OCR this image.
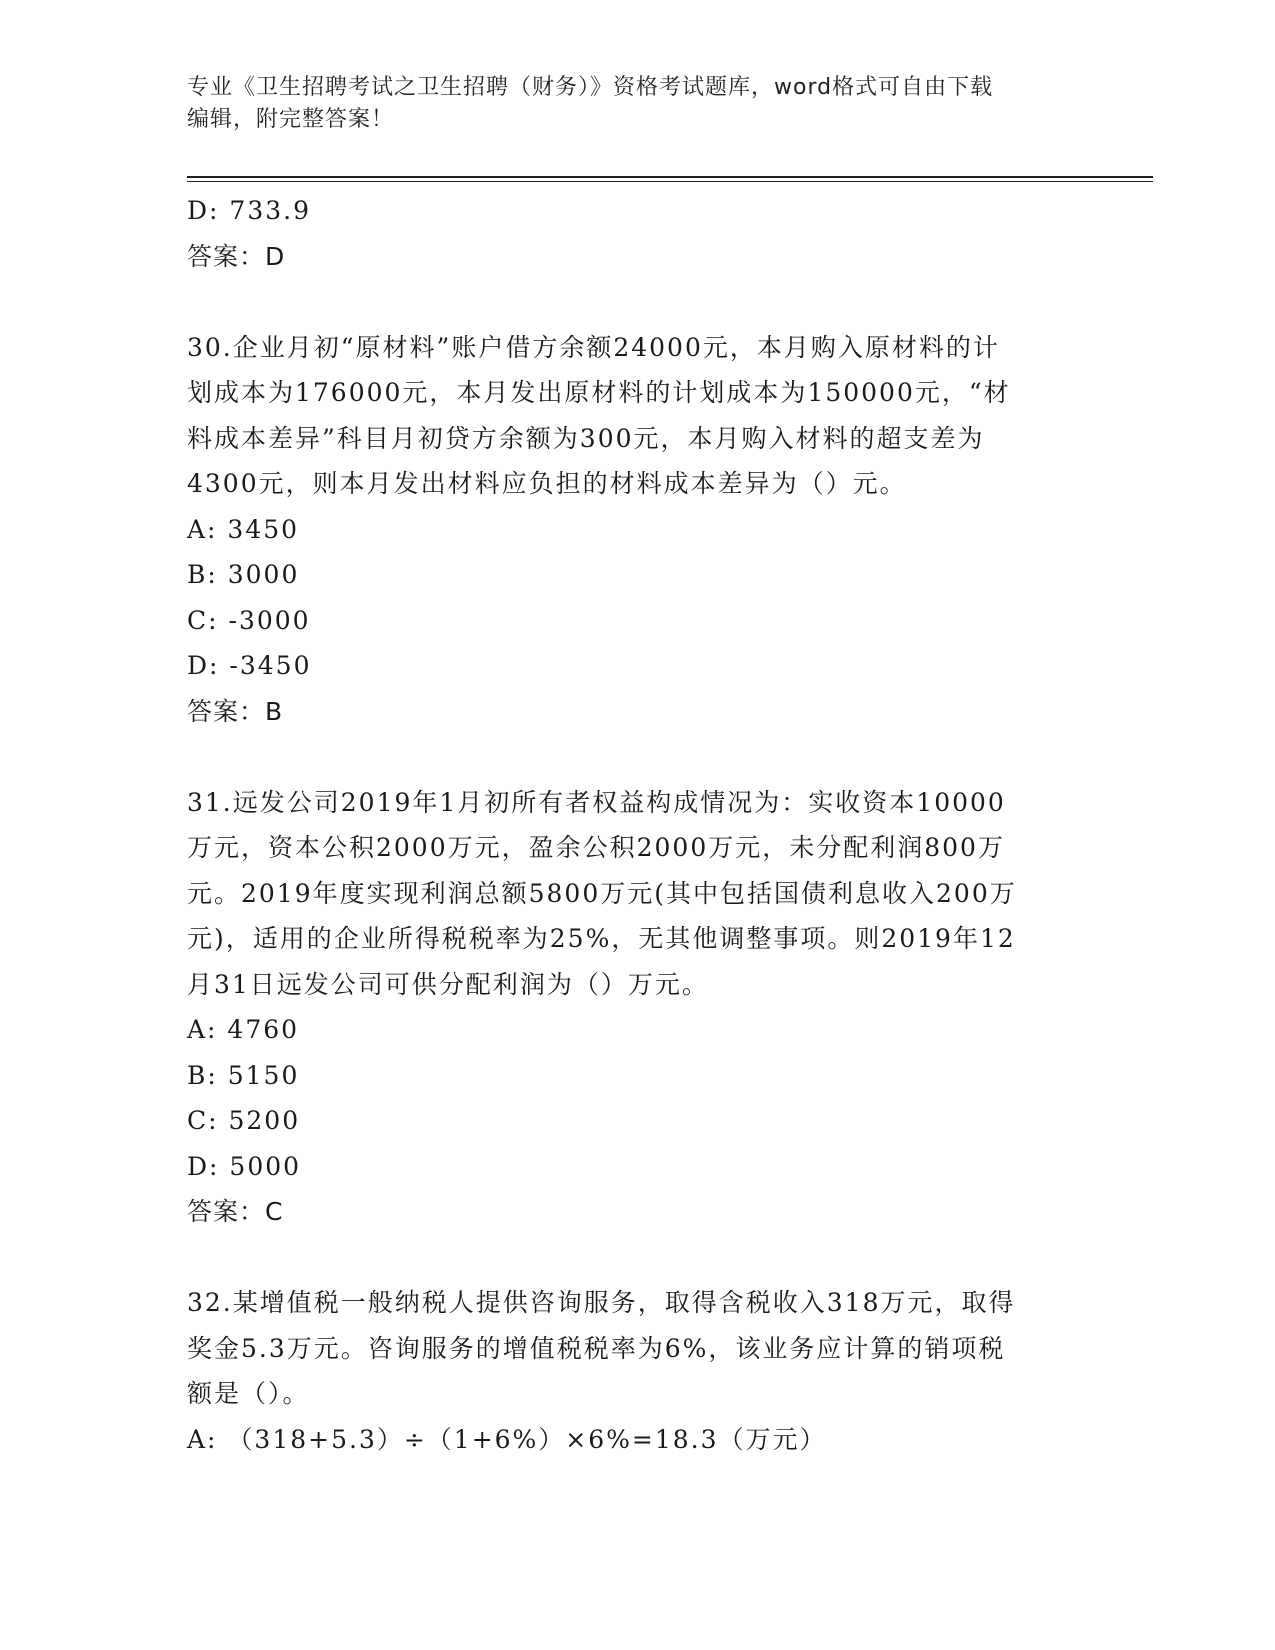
专业《卫生招聘考试之卫生招聘（财务）》资格考试题库，word格式可自由下载
编辑，附完整答案！
D: 733.9
答案：D
30.企业月初“原材料”账户借方余额24000元，本月购入原材料的计
划成本为176000元，本月发出原材料的计划成本为150000元，“材
料成本差异”科目月初贷方余额为300元，本月购入材料的超支差为
4300元，则本月发出材料应负担的材料成本差异为（）元。
A: 3450
B: 3000
C: -3000
D: -3450
答案：B
31.远发公司2019年1月初所有者权益构成情况为：实收资本10000
万元，资本公积2000万元，盈余公积2000万元，未分配利润800万
元。2019年度实现利润总额5800万元(其中包括国债利息收入200万
元)，适用的企业所得税税率为25%，无其他调整事项。则2019年12
月31日远发公司可供分配利润为（）万元。
A: 4760
B: 5150
C: 5200
D: 5000
答案：C
32.某增值税一般纳税人提供咨询服务，取得含税收入318万元，取得
奖金5.3万元。咨询服务的增值税税率为6%，该业务应计算的销项税
额是（）。
A: （318+5.3）÷（1+6%）×6%=18.3（万元）
